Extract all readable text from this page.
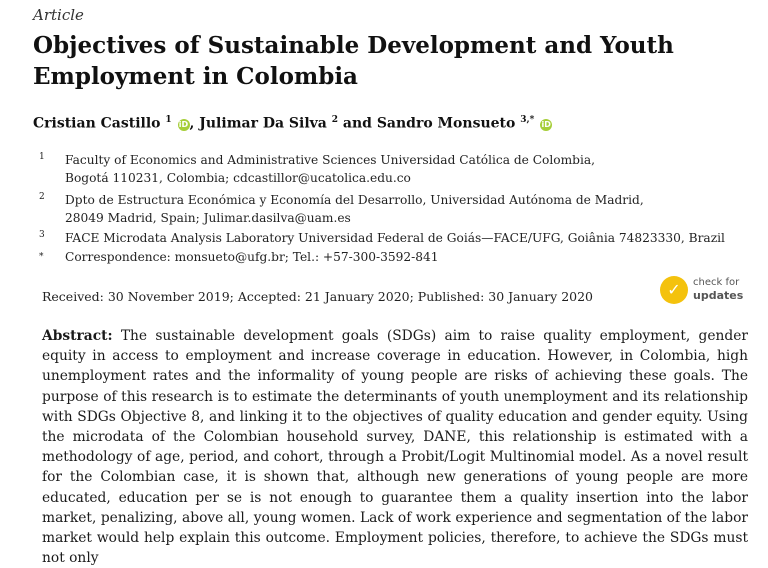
Article
Objectives of Sustainable Development and Youth Employment in Colombia
Cristian Castillo $^1$ iD, Julimar Da Silva $^2$ and Sandro Monsueto $^{3,*}$ iD
1 Faculty of Economics and Administrative Sciences Universidad Católica de Colombia,
Bogotá 110231, Colombia; cdcastillor@ucatolica.edu.co
2 Dpto de Estructura Económica y Economía del Desarrollo, Universidad Autónoma de Madrid,
28049 Madrid, Spain; Julimar.dasilva@uam.es
3 FACE Microdata Analysis Laboratory Universidad Federal de Goiás—FACE/UFG, Goiânia 74823330, Brazil
* Correspondence: monsueto@ufg.br; Tel.: +57-300-3592-841
Received: 30 November 2019; Accepted: 21 January 2020; Published: 30 January 2020	✓	check for
updates
Abstract: The sustainable development goals (SDGs) aim to raise quality employment, gender equity in access to employment and increase coverage in education. However, in Colombia, high unemployment rates and the informality of young people are risks of achieving these goals. The purpose of this research is to estimate the determinants of youth unemployment and its relationship with SDGs Objective 8, and linking it to the objectives of quality education and gender equity. Using the microdata of the Colombian household survey, DANE, this relationship is estimated with a methodology of age, period, and cohort, through a Probit/Logit Multinomial model. As a novel result for the Colombian case, it is shown that, although new generations of young people are more educated, education per se is not enough to guarantee them a quality insertion into the labor market, penalizing, above all, young women. Lack of work experience and segmentation of the labor market would help explain this outcome. Employment policies, therefore, to achieve the SDGs must not only
